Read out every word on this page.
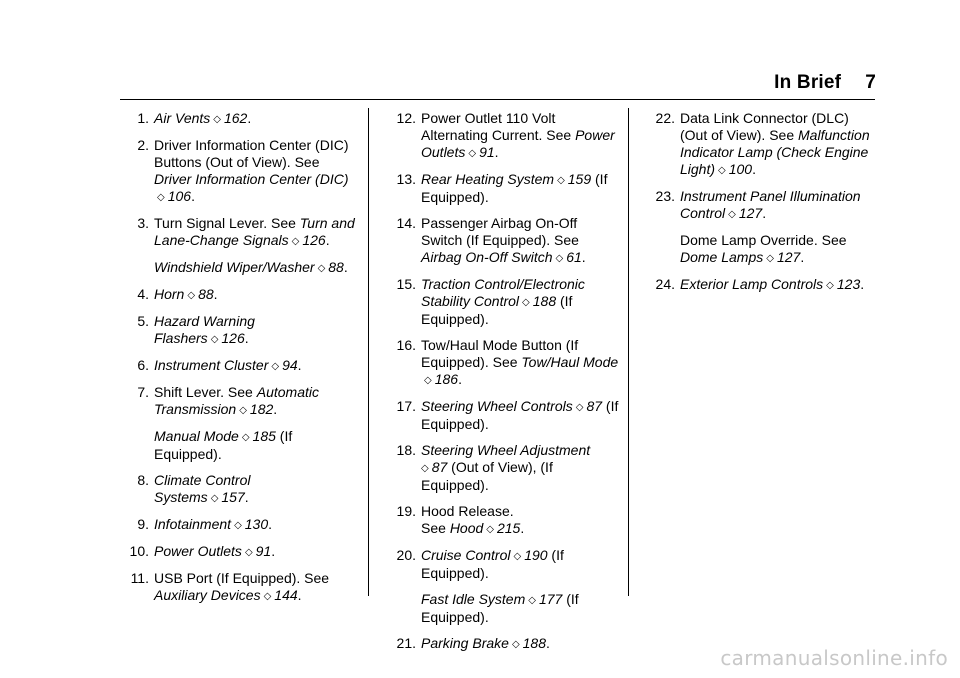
In Brief 7
1. Air Vents ◇ 162.
2. Driver Information Center (DIC) Buttons (Out of View). See Driver Information Center (DIC)◇ 106.
3. Turn Signal Lever. See Turn and Lane-Change Signals ◇ 126.
Windshield Wiper/Washer ◇ 88.
4. Horn ◇ 88.
5. Hazard Warning Flashers ◇ 126.
6. Instrument Cluster ◇ 94.
7. Shift Lever. See Automatic Transmission ◇ 182.
Manual Mode ◇ 185 (If Equipped).
8. Climate Control Systems ◇ 157.
9. Infotainment ◇ 130.
10. Power Outlets ◇ 91.
11. USB Port (If Equipped). See Auxiliary Devices ◇ 144.
12. Power Outlet 110 Volt Alternating Current. See Power Outlets ◇ 91.
13. Rear Heating System ◇ 159 (If Equipped).
14. Passenger Airbag On-Off Switch (If Equipped). See Airbag On-Off Switch ◇ 61.
15. Traction Control/Electronic Stability Control ◇ 188 (If Equipped).
16. Tow/Haul Mode Button (If Equipped). See Tow/Haul Mode◇ 186.
17. Steering Wheel Controls ◇ 87 (If Equipped).
18. Steering Wheel Adjustment
◇ 87 (Out of View), (If Equipped).
19. Hood Release. See Hood ◇ 215.
20. Cruise Control ◇ 190 (If Equipped).
Fast Idle System ◇ 177 (If Equipped).
21. Parking Brake ◇ 188.
22. Data Link Connector (DLC) (Out of View). See Malfunction Indicator Lamp (Check Engine Light) ◇ 100.
23. Instrument Panel Illumination Control ◇ 127.
Dome Lamp Override. See Dome Lamps ◇ 127.
24. Exterior Lamp Controls ◇ 123.
carmanualsonline.info
